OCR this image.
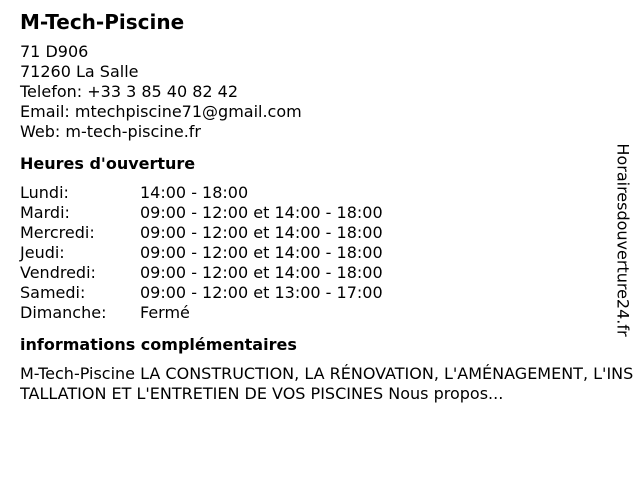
M-Tech-Piscine
71 D906
71260 La Salle
Telefon: +33 3 85 40 82 42
Email: mtechpiscine71@gmail.com
Web: m-tech-piscine.fr
Heures d'ouverture
Lundi:	14:00 - 18:00
Mardi:	09:00 - 12:00 et 14:00 - 18:00
Mercredi:	09:00 - 12:00 et 14:00 - 18:00
Jeudi:	09:00 - 12:00 et 14:00 - 18:00
Vendredi:	09:00 - 12:00 et 14:00 - 18:00
Samedi:	09:00 - 12:00 et 13:00 - 17:00
Dimanche:	Fermé
informations complémentaires
M-Tech-Piscine LA CONSTRUCTION, LA RÉNOVATION, L'AMÉNAGEMENT, L'INSTALLATION ET L'ENTRETIEN DE VOS PISCINES Nous propos...
Horairesdouverture24.fr
